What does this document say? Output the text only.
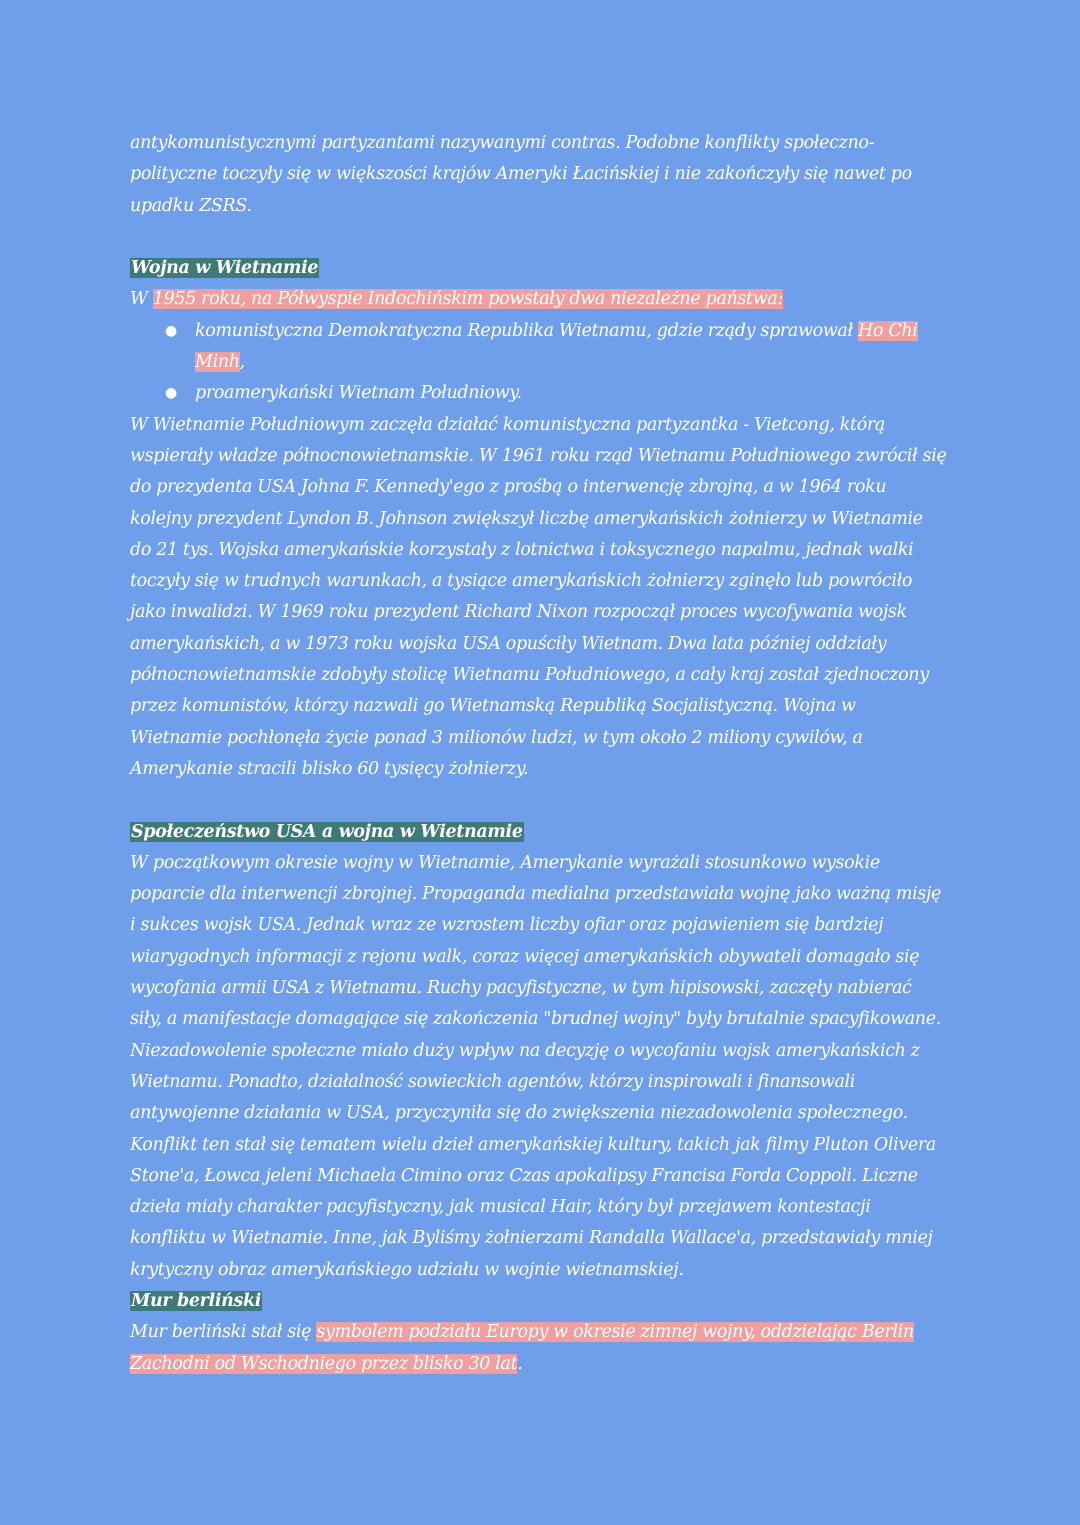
antykomunistycznymi partyzantami nazywanymi contras. Podobne konflikty społeczno-polityczne toczyły się w większości krajów Ameryki Łacińskiej i nie zakończyły się nawet po upadku ZSRS.

Wojna w Wietnamie

W 1955 roku, na Półwyspie Indochińskim powstały dwa niezależne państwa:

● komunistyczna Demokratyczna Republika Wietnamu, gdzie rządy sprawował Ho Chi Minh,
● proamerykański Wietnam Południowy.

W Wietnamie Południowym zaczęła działać komunistyczna partyzantka - Vietcong, którą wspierały władze północnowietnamskie. W 1961 roku rząd Wietnamu Południowego zwrócił się do prezydenta USA Johna F. Kennedy'ego z prośbą o interwencję zbrojną, a w 1964 roku kolejny prezydent Lyndon B. Johnson zwiększył liczbę amerykańskich żołnierzy w Wietnamie do 21 tys. Wojska amerykańskie korzystały z lotnictwa i toksycznego napalmu, jednak walki toczyły się w trudnych warunkach, a tysiące amerykańskich żołnierzy zginęło lub powróciło jako inwalidzi. W 1969 roku prezydent Richard Nixon rozpoczął proces wycofywania wojsk amerykańskich, a w 1973 roku wojska USA opuściły Wietnam. Dwa lata później oddziały północnowietnamskie zdobyły stolicę Wietnamu Południowego, a cały kraj został zjednoczony przez komunistów, którzy nazwali go Wietnamską Republiką Socjalistyczną. Wojna w Wietnamie pochłonęła życie ponad 3 milionów ludzi, w tym około 2 miliony cywilów, a Amerykanie stracili blisko 60 tysięcy żołnierzy.

Społeczeństwo USA a wojna w Wietnamie

W początkowym okresie wojny w Wietnamie, Amerykanie wyrażali stosunkowo wysokie poparcie dla interwencji zbrojnej. Propaganda medialna przedstawiała wojnę jako ważną misję i sukces wojsk USA. Jednak wraz ze wzrostem liczby ofiar oraz pojawieniem się bardziej wiarygodnych informacji z rejonu walk, coraz więcej amerykańskich obywateli domagało się wycofania armii USA z Wietnamu. Ruchy pacyfistyczne, w tym hipisowski, zaczęły nabierać siły, a manifestacje domagające się zakończenia "brudnej wojny" były brutalnie spacyfikowane. Niezadowolenie społeczne miało duży wpływ na decyzję o wycofaniu wojsk amerykańskich z Wietnamu. Ponadto, działalność sowieckich agentów, którzy inspirowali i finansowali antywojenne działania w USA, przyczyniła się do zwiększenia niezadowolenia społecznego. Konflikt ten stał się tematem wielu dzieł amerykańskiej kultury, takich jak filmy Pluton Olivera Stone'a, Łowca jeleni Michaela Cimino oraz Czas apokalipsy Francisa Forda Coppoli. Liczne dzieła miały charakter pacyfistyczny, jak musical Hair, który był przejawem kontestacji konfliktu w Wietnamie. Inne, jak Byliśmy żołnierzami Randalla Wallace'a, przedstawiały mniej krytyczny obraz amerykańskiego udziału w wojnie wietnamskiej.

Mur berliński

Mur berliński stał się symbolem podziału Europy w okresie zimnej wojny, oddzielając Berlin Zachodni od Wschodniego przez blisko 30 lat.
